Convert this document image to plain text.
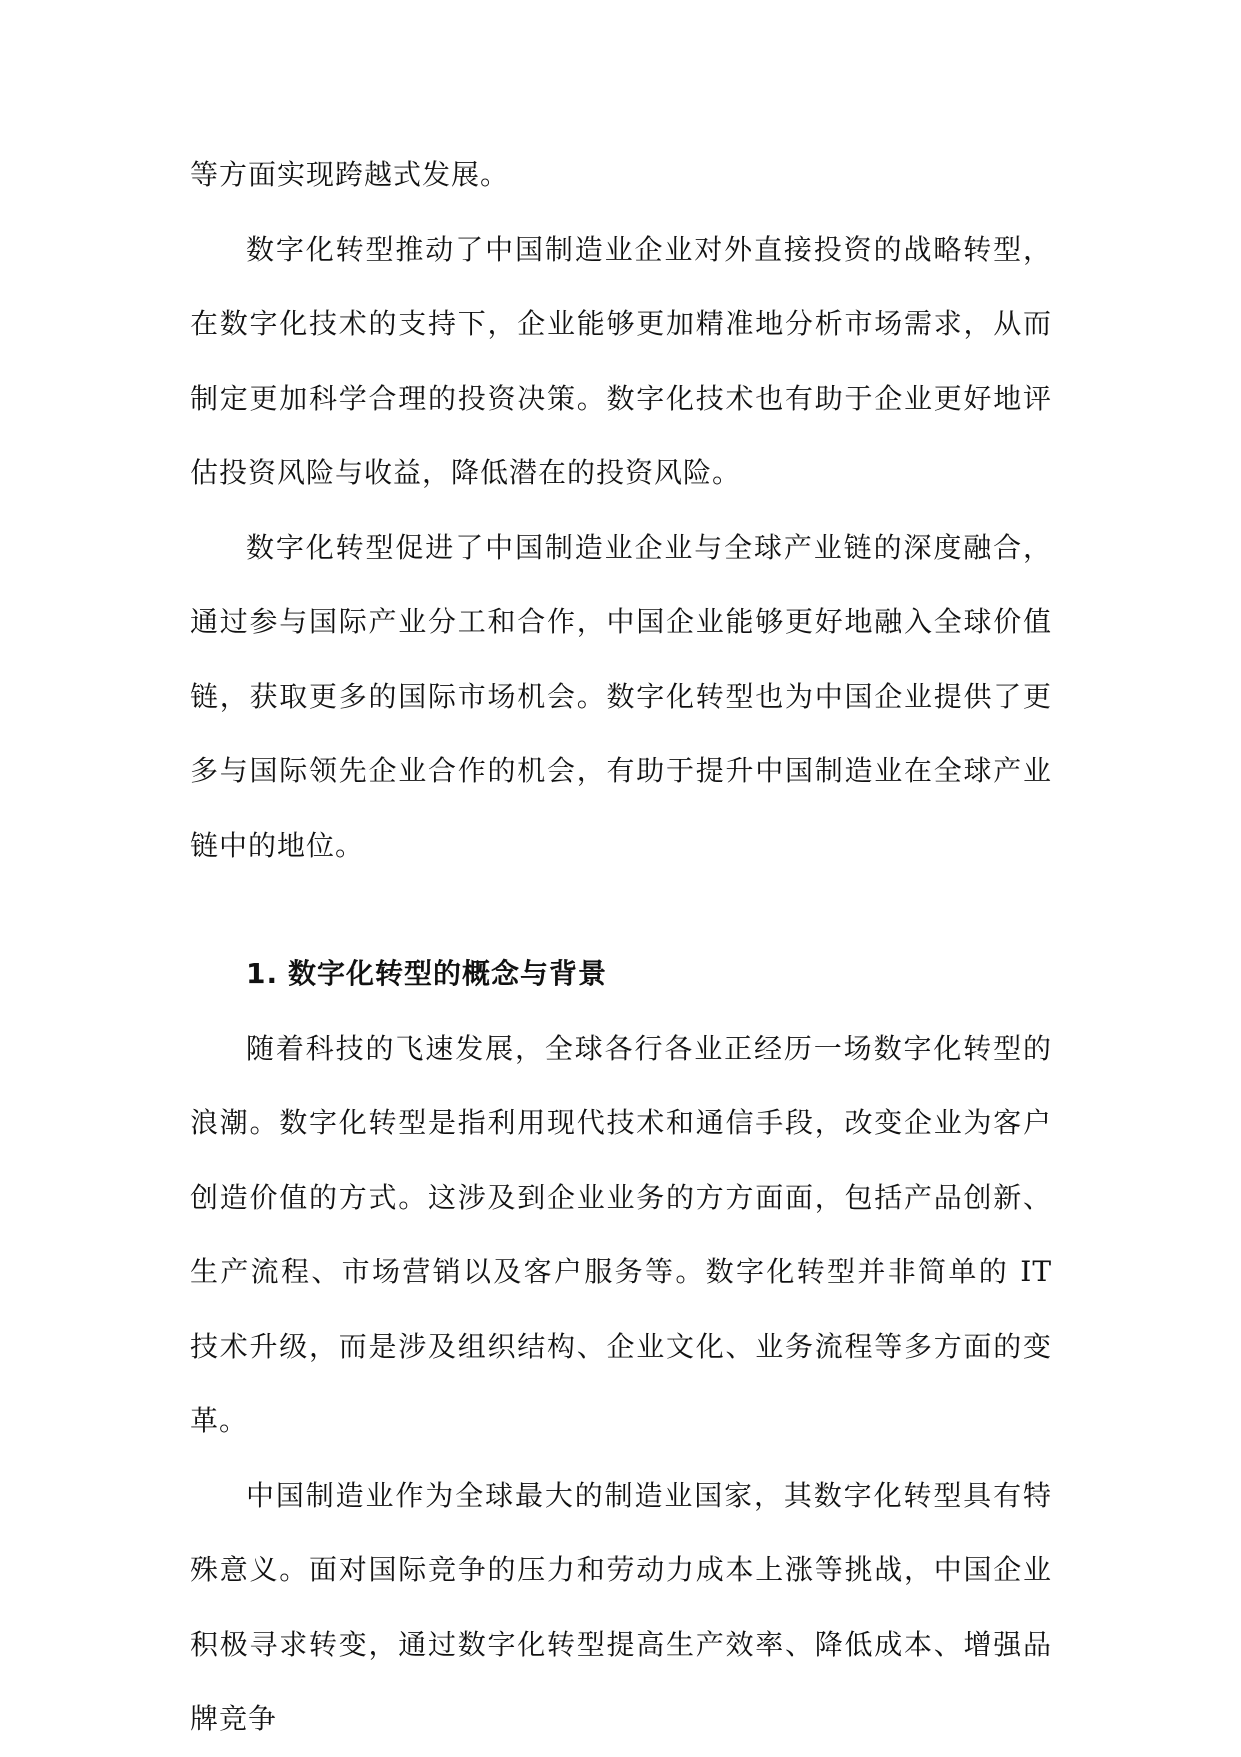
等方面实现跨越式发展。

数字化转型推动了中国制造业企业对外直接投资的战略转型，在数字化技术的支持下，企业能够更加精准地分析市场需求，从而制定更加科学合理的投资决策。数字化技术也有助于企业更好地评估投资风险与收益，降低潜在的投资风险。

数字化转型促进了中国制造业企业与全球产业链的深度融合，通过参与国际产业分工和合作，中国企业能够更好地融入全球价值链，获取更多的国际市场机会。数字化转型也为中国企业提供了更多与国际领先企业合作的机会，有助于提升中国制造业在全球产业链中的地位。

1. 数字化转型的概念与背景

随着科技的飞速发展，全球各行各业正经历一场数字化转型的浪潮。数字化转型是指利用现代技术和通信手段，改变企业为客户创造价值的方式。这涉及到企业业务的方方面面，包括产品创新、生产流程、市场营销以及客户服务等。数字化转型并非简单的 IT 技术升级，而是涉及组织结构、企业文化、业务流程等多方面的变革。

中国制造业作为全球最大的制造业国家，其数字化转型具有特殊意义。面对国际竞争的压力和劳动力成本上涨等挑战，中国企业积极寻求转变，通过数字化转型提高生产效率、降低成本、增强品牌竞争
